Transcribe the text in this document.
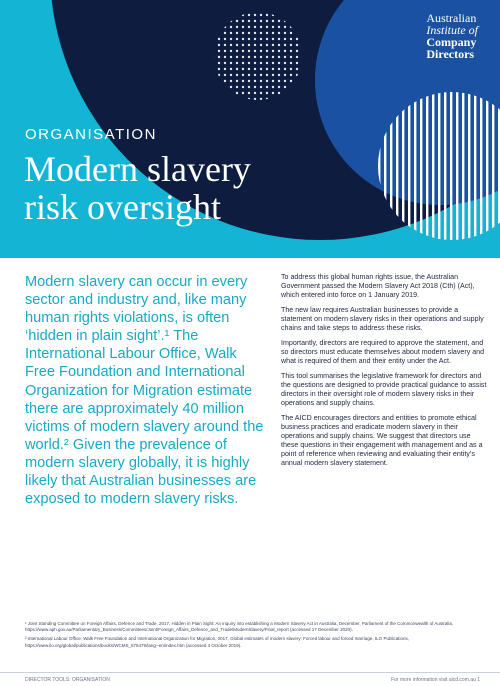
Australian
Institute of
Company
Directors
ORGANISATION
Modern slavery
risk oversight
Modern slavery can occur in every sector and industry and, like many human rights violations, is often ‘hidden in plain sight’.¹ The International Labour Office, Walk Free Foundation and International Organization for Migration estimate there are approximately 40 million victims of modern slavery around the world.² Given the prevalence of modern slavery globally, it is highly likely that Australian businesses are exposed to modern slavery risks.

To address this global human rights issue, the Australian Government passed the Modern Slavery Act 2018 (Cth) (Act), which entered into force on 1 January 2019.

The new law requires Australian businesses to provide a statement on modern slavery risks in their operations and supply chains and take steps to address these risks.

Importantly, directors are required to approve the statement, and so directors must educate themselves about modern slavery and what is required of them and their entity under the Act.

This tool summarises the legislative framework for directors and the questions are designed to provide practical guidance to assist directors in their oversight role of modern slavery risks in their operations and supply chains.

The AICD encourages directors and entities to promote ethical business practices and eradicate modern slavery in their operations and supply chains. We suggest that directors use these questions in their engagement with management and as a point of reference when reviewing and evaluating their entity’s annual modern slavery statement.

¹ Joint Standing Committee on Foreign Affairs, Defence and Trade, 2017, Hidden in Plain Sight: An inquiry into establishing a Modern Slavery Act in Australia, December, Parliament of the Commonwealth of Australia, https://www.aph.gov.au/Parliamentary_Business/Committees/Joint/Foreign_Affairs_Defence_and_Trade/ModernSlavery/Final_report (accessed 17 December 2020).

² International Labour Office, Walk Free Foundation and International Organization for Migration, 2017, Global estimates of modern slavery: Forced labour and forced marriage, ILO Publications, https://www.ilo.org/global/publications/books/WCMS_575479/lang--en/index.htm (accessed 4 October 2019).

DIRECTOR TOOLS: ORGANISATION	For more information visit aicd.com.au 1
